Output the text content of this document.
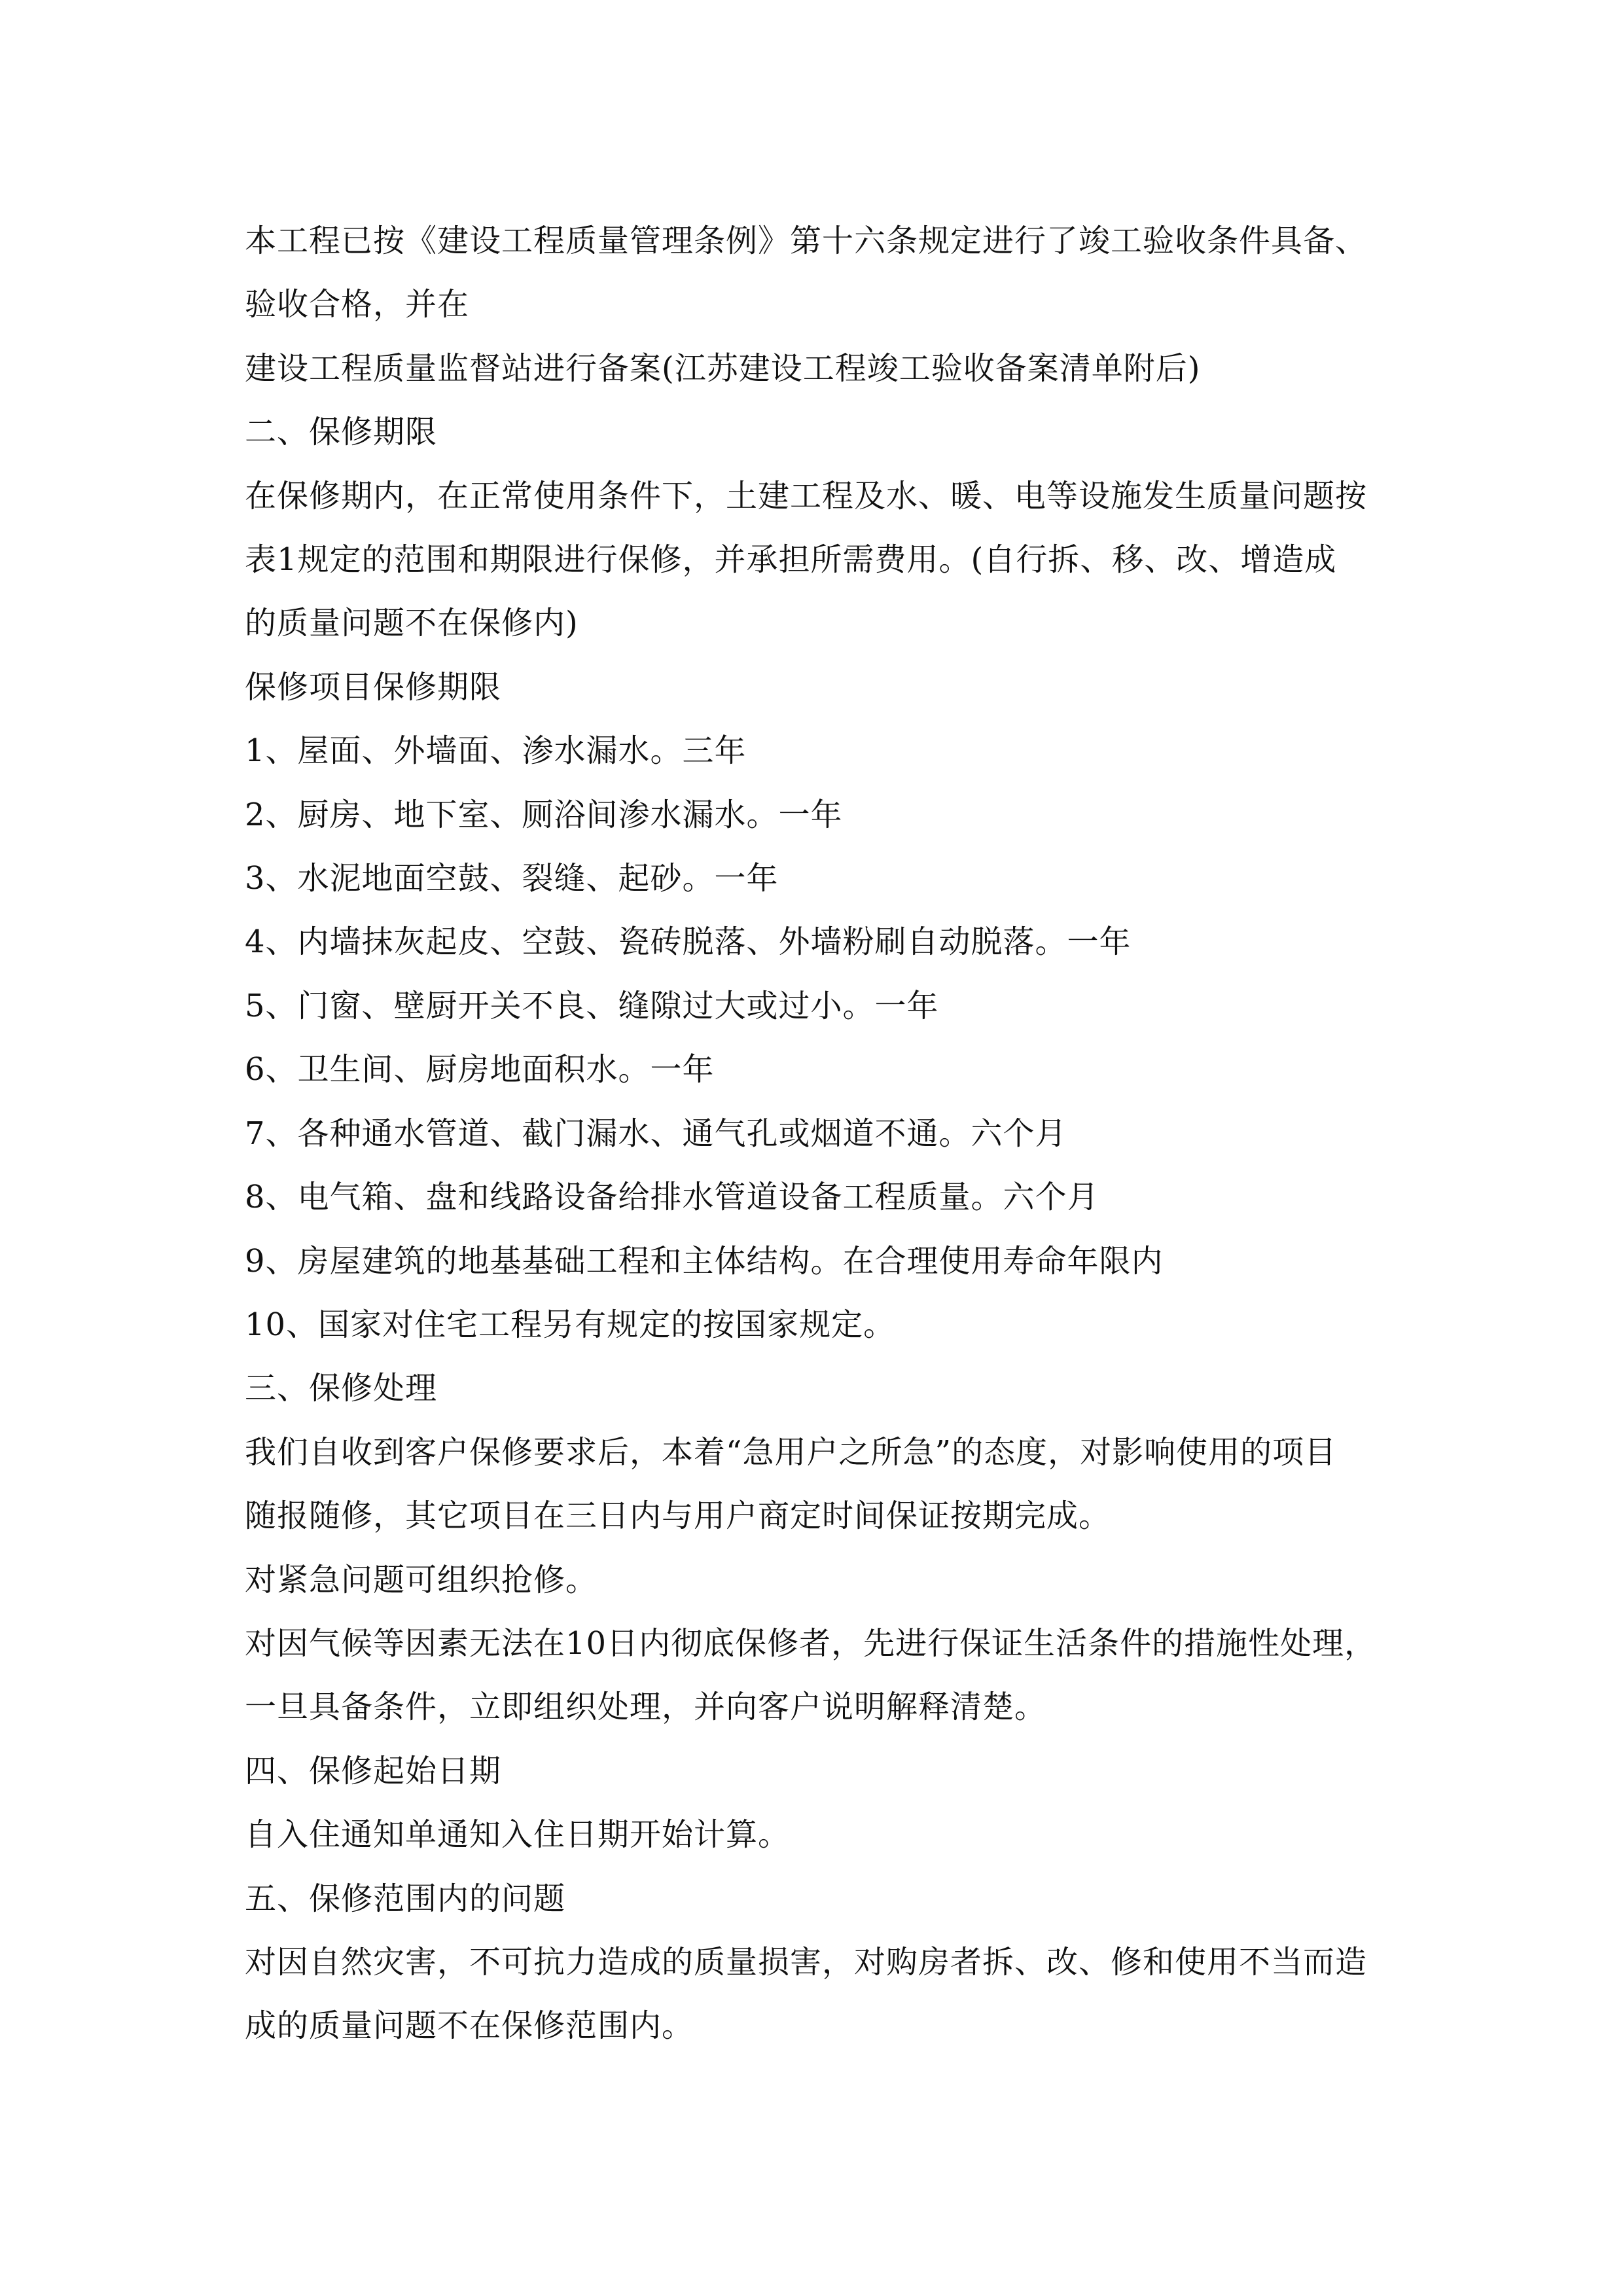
本工程已按《建设工程质量管理条例》第十六条规定进行了竣工验收条件具备、
验收合格，并在
建设工程质量监督站进行备案(江苏建设工程竣工验收备案清单附后)
二、保修期限
在保修期内，在正常使用条件下，土建工程及水、暖、电等设施发生质量问题按
表1规定的范围和期限进行保修，并承担所需费用。(自行拆、移、改、增造成
的质量问题不在保修内)
保修项目保修期限
1、屋面、外墙面、渗水漏水。三年
2、厨房、地下室、厕浴间渗水漏水。一年
3、水泥地面空鼓、裂缝、起砂。一年
4、内墙抹灰起皮、空鼓、瓷砖脱落、外墙粉刷自动脱落。一年
5、门窗、壁厨开关不良、缝隙过大或过小。一年
6、卫生间、厨房地面积水。一年
7、各种通水管道、截门漏水、通气孔或烟道不通。六个月
8、电气箱、盘和线路设备给排水管道设备工程质量。六个月
9、房屋建筑的地基基础工程和主体结构。在合理使用寿命年限内
10、国家对住宅工程另有规定的按国家规定。
三、保修处理
我们自收到客户保修要求后，本着“急用户之所急”的态度，对影响使用的项目
随报随修，其它项目在三日内与用户商定时间保证按期完成。
对紧急问题可组织抢修。
对因气候等因素无法在10日内彻底保修者，先进行保证生活条件的措施性处理，
一旦具备条件，立即组织处理，并向客户说明解释清楚。
四、保修起始日期
自入住通知单通知入住日期开始计算。
五、保修范围内的问题
对因自然灾害，不可抗力造成的质量损害，对购房者拆、改、修和使用不当而造
成的质量问题不在保修范围内。
